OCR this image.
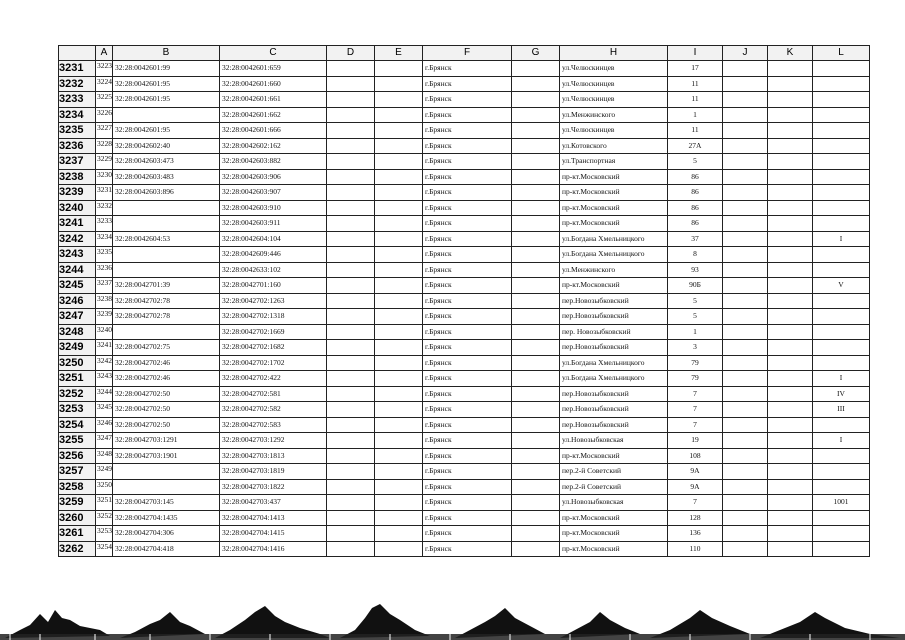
	A	B	C	D	E	F	G	H	I	J	K	L
3231	3223	32:28:0042601:99	32:28:0042601:659			г.Брянск		ул.Челюскинцев	17			
3232	3224	32:28:0042601:95	32:28:0042601:660			г.Брянск		ул.Челюскинцев	11			
3233	3225	32:28:0042601:95	32:28:0042601:661			г.Брянск		ул.Челюскинцев	11			
3234	3226		32:28:0042601:662			г.Брянск		ул.Менжинского	1			
3235	3227	32:28:0042601:95	32:28:0042601:666			г.Брянск		ул.Челюскинцев	11			
3236	3228	32:28:0042602:40	32:28:0042602:162			г.Брянск		ул.Котовского	27А			
3237	3229	32:28:0042603:473	32:28:0042603:882			г.Брянск		ул.Транспортная	5			
3238	3230	32:28:0042603:483	32:28:0042603:906			г.Брянск		пр-кт.Московский	86			
3239	3231	32:28:0042603:896	32:28:0042603:907			г.Брянск		пр-кт.Московский	86			
3240	3232		32:28:0042603:910			г.Брянск		пр-кт.Московский	86			
3241	3233		32:28:0042603:911			г.Брянск		пр-кт.Московский	86			
3242	3234	32:28:0042604:53	32:28:0042604:104			г.Брянск		ул.Богдана Хмельницкого	37			I
3243	3235		32:28:0042609:446			г.Брянск		ул.Богдана Хмельницкого	8			
3244	3236		32:28:0042633:102			г.Брянск		ул.Менжинского	93			
3245	3237	32:28:0042701:39	32:28:0042701:160			г.Брянск		пр-кт.Московский	90Б			V
3246	3238	32:28:0042702:78	32:28:0042702:1263			г.Брянск		пер.Новозыбковский	5			
3247	3239	32:28:0042702:78	32:28:0042702:1318			г.Брянск		пер.Новозыбковский	5			
3248	3240		32:28:0042702:1669			г.Брянск		пер. Новозыбковский	1			
3249	3241	32:28:0042702:75	32:28:0042702:1682			г.Брянск		пер.Новозыбковский	3			
3250	3242	32:28:0042702:46	32:28:0042702:1702			г.Брянск		ул.Богдана Хмельницкого	79			
3251	3243	32:28:0042702:46	32:28:0042702:422			г.Брянск		ул.Богдана Хмельницкого	79			I
3252	3244	32:28:0042702:50	32:28:0042702:581			г.Брянск		пер.Новозыбковский	7			IV
3253	3245	32:28:0042702:50	32:28:0042702:582			г.Брянск		пер.Новозыбковский	7			III
3254	3246	32:28:0042702:50	32:28:0042702:583			г.Брянск		пер.Новозыбковский	7			
3255	3247	32:28:0042703:1291	32:28:0042703:1292			г.Брянск		ул.Новозыбковская	19			I
3256	3248	32:28:0042703:1901	32:28:0042703:1813			г.Брянск		пр-кт.Московский	108			
3257	3249		32:28:0042703:1819			г.Брянск		пер.2-й Советский	9А			
3258	3250		32:28:0042703:1822			г.Брянск		пер.2-й Советский	9А			
3259	3251	32:28:0042703:145	32:28:0042703:437			г.Брянск		ул.Новозыбковская	7			1001
3260	3252	32:28:0042704:1435	32:28:0042704:1413			г.Брянск		пр-кт.Московский	128			
3261	3253	32:28:0042704:306	32:28:0042704:1415			г.Брянск		пр-кт.Московский	136			
3262	3254	32:28:0042704:418	32:28:0042704:1416			г.Брянск		пр-кт.Московский	110			
